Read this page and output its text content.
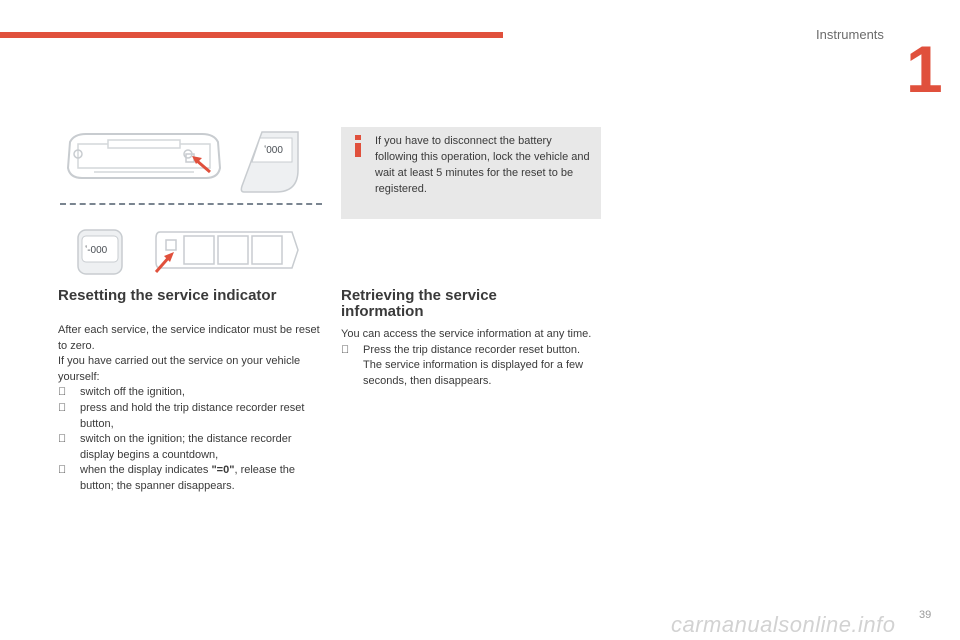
Instruments 1
ʽ000
ʽ-000
If you have to disconnect the battery following this operation, lock the vehicle and wait at least 5 minutes for the reset to be registered.
Resetting the service indicator

After each service, the service indicator must be reset to zero.

If you have carried out the service on your vehicle yourself:

switch off the ignition,
press and hold the trip distance recorder reset button,
switch on the ignition; the distance recorder display begins a countdown,
when the display indicates "=0", release the button; the spanner disappears.
Retrieving the service information

You can access the service information at any time.

Press the trip distance recorder reset button.

The service information is displayed for a few seconds, then disappears.

carmanualsonline.info 39
